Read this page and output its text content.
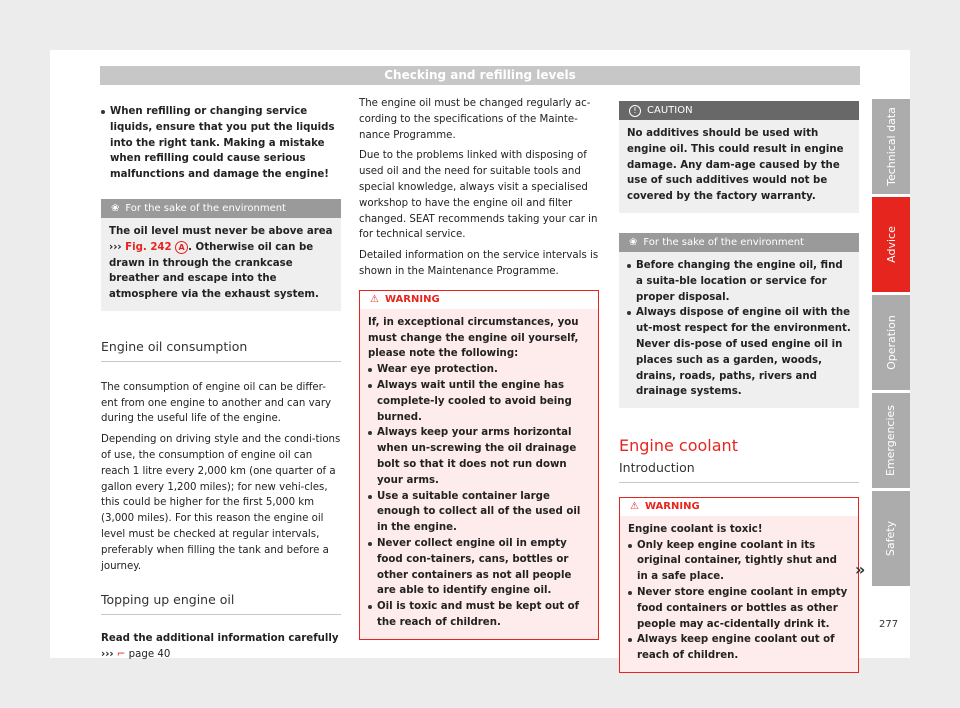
Checking and refilling levels
When refilling or changing service liquids, ensure that you put the liquids into the right tank. Making a mistake when refilling could cause serious malfunctions and damage the engine!
❀ For the sake of the environment
The oil level must never be above area ››› Fig. 242 A . Otherwise oil can be drawn in through the crankcase breather and escape into the atmosphere via the exhaust system.
Engine oil consumption

The consumption of engine oil can be differ-ent from one engine to another and can vary during the useful life of the engine.

Depending on driving style and the condi-tions of use, the consumption of engine oil can reach 1 litre every 2,000 km (one quarter of a gallon every 1,200 miles); for new vehi-cles, this could be higher for the first 5,000 km (3,000 miles). For this reason the engine oil level must be checked at regular intervals, preferably when filling the tank and before a journey.

Topping up engine oil
Read the additional information carefully
››› ⌐ page 40

The engine oil must be changed regularly ac-cording to the specifications of the Mainte-nance Programme.

Due to the problems linked with disposing of used oil and the need for suitable tools and special knowledge, always visit a specialised workshop to have the engine oil and filter changed. SEAT recommends taking your car in for technical service.

Detailed information on the service intervals is shown in the Maintenance Programme.

⚠ WARNING
If, in exceptional circumstances, you must change the engine oil yourself, please note the following:
Wear eye protection.
Always wait until the engine has complete-ly cooled to avoid being burned.
Always keep your arms horizontal when un-screwing the oil drainage bolt so that it does not run down your arms.
Use a suitable container large enough to collect all of the used oil in the engine.
Never collect engine oil in empty food con-tainers, cans, bottles or other containers as not all people are able to identify engine oil.
Oil is toxic and must be kept out of the reach of children.
!	CAUTION
No additives should be used with engine oil. This could result in engine damage. Any dam-age caused by the use of such additives would not be covered by the factory warranty.
❀ For the sake of the environment
Before changing the engine oil, find a suita-ble location or service for proper disposal.
Always dispose of engine oil with the ut-most respect for the environment. Never dis-pose of used engine oil in places such as a garden, woods, drains, roads, paths, rivers and drainage systems.
Engine coolant
Introduction
⚠ WARNING
Engine coolant is toxic!
Only keep engine coolant in its original container, tightly shut and in a safe place.
Never store engine coolant in empty food containers or bottles as other people may ac-cidentally drink it.
Always keep engine coolant out of reach of children.
»
Technical data
Advice
Operation
Emergencies
Safety
277
